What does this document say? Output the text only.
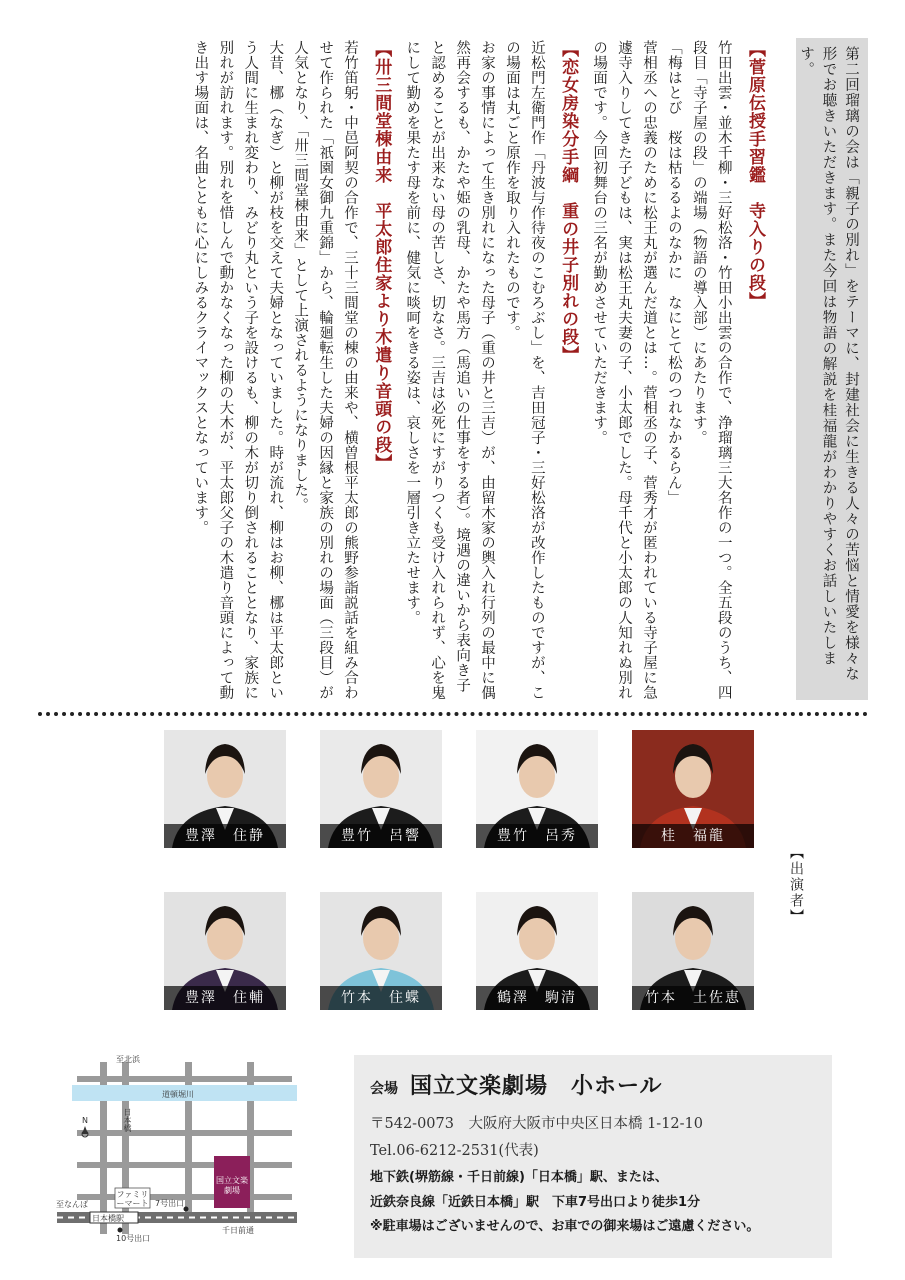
第二回瑠璃の会は「親子の別れ」をテーマに、封建社会に生きる人々の苦悩と情愛を様々な形でお聴きいただきます。また今回は物語の解説を桂福龍がわかりやすくお話しいたします。

【菅原伝授手習鑑　寺入りの段】

竹田出雲・並木千柳・三好松洛・竹田小出雲の合作で、浄瑠璃三大名作の一つ。全五段のうち、四段目「寺子屋の段」の端場（物語の導入部）にあたります。

「梅はとび　桜は枯るるよのなかに　なにとて松のつれなかるらん」

菅相丞への忠義のために松王丸が選んだ道とは…。菅相丞の子、菅秀才が匿われている寺子屋に急遽寺入りしてきた子どもは、実は松王丸夫妻の子、小太郎でした。母千代と小太郎の人知れぬ別れの場面です。今回初舞台の三名が勤めさせていただきます。

【恋女房染分手綱　重の井子別れの段】

近松門左衛門作「丹波与作待夜のこむろぶし」を、吉田冠子・三好松洛が改作したものですが、この場面は丸ごと原作を取り入れたものです。

お家の事情によって生き別れになった母子（重の井と三吉）が、由留木家の輿入れ行列の最中に偶然再会するも、かたや姫の乳母、かたや馬方（馬追いの仕事をする者）。境遇の違いから表向き子と認めることが出来ない母の苦しさ、切なさ。三吉は必死にすがりつくも受け入れられず、心を鬼にして勤めを果たす母を前に、健気に啖呵をきる姿は、哀しさを一層引き立たせます。

【卅三間堂棟由来　平太郎住家より木遣り音頭の段】

若竹笛躬・中邑阿契の合作で、三十三間堂の棟の由来や、横曽根平太郎の熊野参詣説話を組み合わせて作られた「祇園女御九重錦」から、輪廻転生した夫婦の因縁と家族の別れの場面（三段目）が人気となり、「卅三間堂棟由来」として上演されるようになりました。

大昔、梛（なぎ）と柳が枝を交えて夫婦となっていました。時が流れ、柳はお柳、梛は平太郎という人間に生まれ変わり、みどり丸という子を設けるも、柳の木が切り倒されることとなり、家族に別れが訪れます。別れを惜しんで動かなくなった柳の大木が、平太郎父子の木遣り音頭によって動き出す場面は、名曲とともに心にしみるクライマックスとなっています。

【出演者】
桂　福龍
豊竹　呂秀
豊竹　呂響
豊澤　住静
竹本　土佐恵
鶴澤　駒清
竹本　住蝶
豊澤　住輔
至北浜
道頓堀川
日本橋
N
至なんば
日本橋駅
7号出口
10号出口
ファミリーマート
千日前通
国立文楽劇場
会場 国立文楽劇場　小ホール
〒542-0073　大阪府大阪市中央区日本橋 1-12-10
Tel.06-6212-2531(代表)
地下鉄(堺筋線・千日前線)「日本橋」駅、または、
近鉄奈良線「近鉄日本橋」駅　下車7号出口より徒歩1分
※駐車場はございませんので、お車での御来場はご遠慮ください。
